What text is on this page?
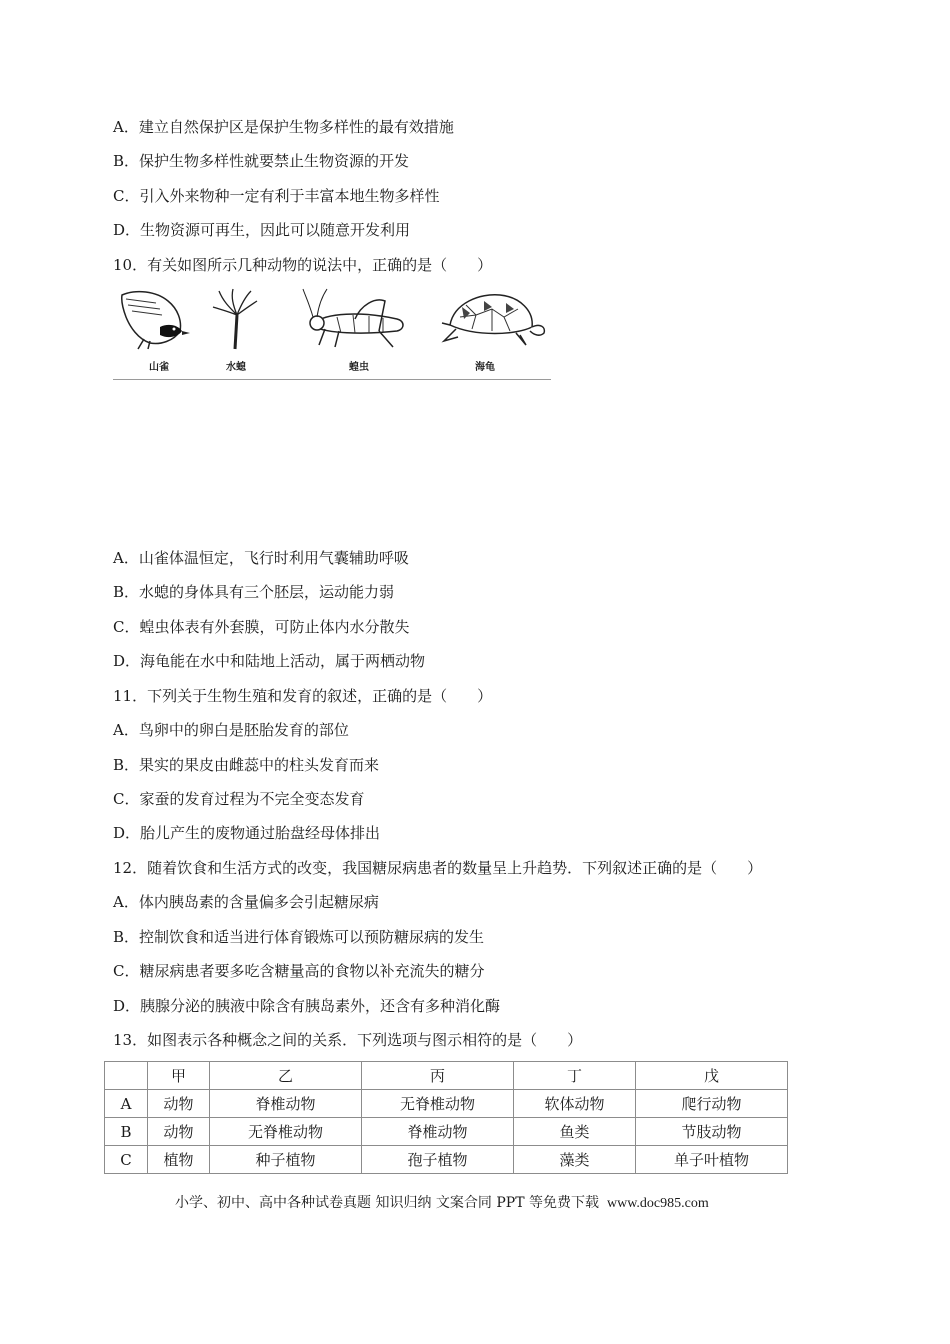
A．建立自然保护区是保护生物多样性的最有效措施
B．保护生物多样性就要禁止生物资源的开发
C．引入外来物种一定有利于丰富本地生物多样性
D．生物资源可再生，因此可以随意开发利用
10．有关如图所示几种动物的说法中，正确的是（　　）
山雀	水螅	蝗虫	海龟
A．山雀体温恒定，飞行时利用气囊辅助呼吸
B．水螅的身体具有三个胚层，运动能力弱
C．蝗虫体表有外套膜，可防止体内水分散失
D．海龟能在水中和陆地上活动，属于两栖动物
11．下列关于生物生殖和发育的叙述，正确的是（　　）
A．鸟卵中的卵白是胚胎发育的部位
B．果实的果皮由雌蕊中的柱头发育而来
C．家蚕的发育过程为不完全变态发育
D．胎儿产生的废物通过胎盘经母体排出
12．随着饮食和生活方式的改变，我国糖尿病患者的数量呈上升趋势．下列叙述正确的是（　　）
A．体内胰岛素的含量偏多会引起糖尿病
B．控制饮食和适当进行体育锻炼可以预防糖尿病的发生
C．糖尿病患者要多吃含糖量高的食物以补充流失的糖分
D．胰腺分泌的胰液中除含有胰岛素外，还含有多种消化酶
13．如图表示各种概念之间的关系．下列选项与图示相符的是（　　）
	甲	乙	丙	丁	戊
A	动物	脊椎动物	无脊椎动物	软体动物	爬行动物
B	动物	无脊椎动物	脊椎动物	鱼类	节肢动物
C	植物	种子植物	孢子植物	藻类	单子叶植物
小学、初中、高中各种试卷真题 知识归纳 文案合同 PPT 等免费下载 www.doc985.com
